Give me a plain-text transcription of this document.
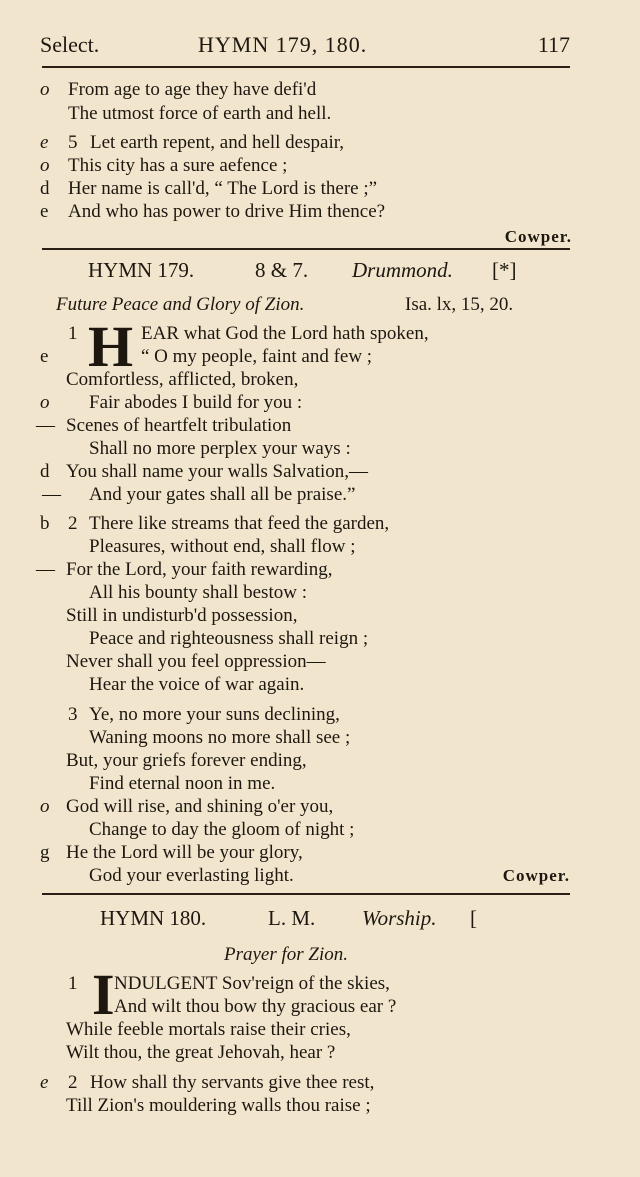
Select.	HYMN 179, 180.	117
o From age to age they have defi'd
The utmost force of earth and hell.
e	5 Let earth repent, and hell despair,
o This city has a sure aefence ;
d Her name is call'd, “ The Lord is there ;”
e	And who has power to drive Him thence?
Cowper.
HYMN 179.	8 & 7. Drummond. [*]
Future Peace and Glory of Zion.	Isa. lx, 15, 20.
H
1	EAR what God the Lord hath spoken,
e	“ O my people, faint and few ;
Comfortless, afflicted, broken,
o	Fair abodes I build for you :
— Scenes of heartfelt tribulation
Shall no more perplex your ways :
d You shall name your walls Salvation,—
— And your gates shall all be praise.”
b 2 There like streams that feed the garden,
Pleasures, without end, shall flow ;
— For the Lord, your faith rewarding,
All his bounty shall bestow :
Still in undisturb'd possession,
Peace and righteousness shall reign ;
Never shall you feel oppression—
Hear the voice of war again.
3 Ye, no more your suns declining,
Waning moons no more shall see ;
But, your griefs forever ending,
Find eternal noon in me.
o God will rise, and shining o'er you,
Change to day the gloom of night ;
g He the Lord will be your glory,
God your everlasting light.	Cowper.
HYMN 180.	L. M. Worship. [
Prayer for Zion.
I
1 NDULGENT Sov'reign of the skies,
And wilt thou bow thy gracious ear ?
While feeble mortals raise their cries,
Wilt thou, the great Jehovah, hear ?
e	2 How shall thy servants give thee rest,
Till Zion's mouldering walls thou raise ;
